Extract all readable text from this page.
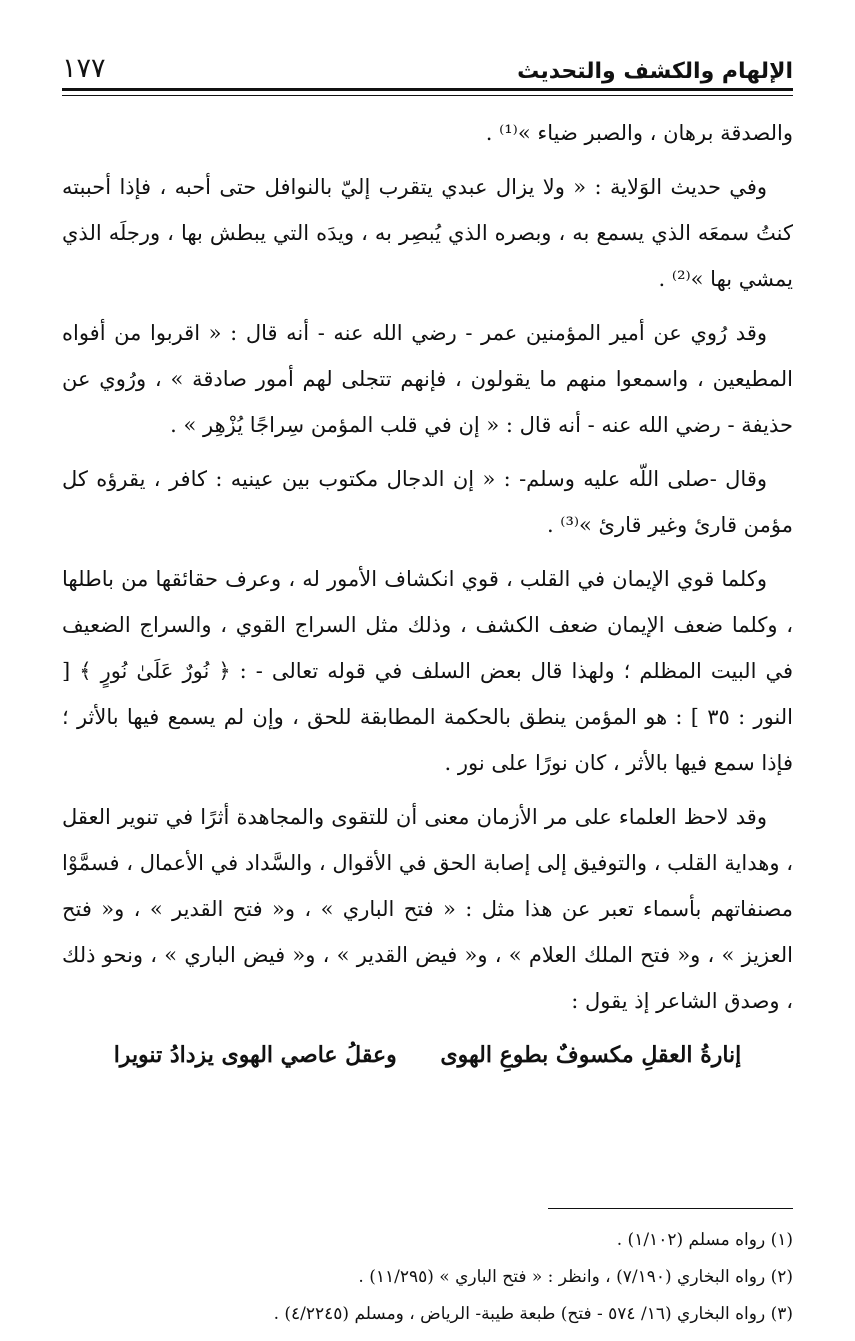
١٧٧	الإلهام والكشف والتحديث

والصدقة برهان ، والصبر ضياء »⁽¹⁾ .

وفي حديث الوَلاية : « ولا يزال عبدي يتقرب إليّ بالنوافل حتى أحبه ، فإذا أحببته كنتُ سمعَه الذي يسمع به ، وبصره الذي يُبصِر به ، ويدَه التي يبطش بها ، ورجلَه الذي يمشي بها »⁽²⁾ .

وقد رُوي عن أمير المؤمنين عمر - رضي الله عنه - أنه قال : « اقربوا من أفواه المطيعين ، واسمعوا منهم ما يقولون ، فإنهم تتجلى لهم أمور صادقة » ، ورُوي عن حذيفة - رضي الله عنه - أنه قال : « إن في قلب المؤمن سِراجًا يُزْهِر » .

وقال -صلى اللّه عليه وسلم- : « إن الدجال مكتوب بين عينيه : كافر ، يقرؤه كل مؤمن قارئ وغير قارئ »⁽³⁾ .

وكلما قوي الإيمان في القلب ، قوي انكشاف الأمور له ، وعرف حقائقها من باطلها ، وكلما ضعف الإيمان ضعف الكشف ، وذلك مثل السراج القوي ، والسراج الضعيف في البيت المظلم ؛ ولهذا قال بعض السلف في قوله تعالى - : ﴿ نُورٌ عَلَىٰ نُورٍ ﴾ [ النور : ٣٥ ] : هو المؤمن ينطق بالحكمة المطابقة للحق ، وإن لم يسمع فيها بالأثر ؛ فإذا سمع فيها بالأثر ، كان نورًا على نور .

وقد لاحظ العلماء على مر الأزمان معنى أن للتقوى والمجاهدة أثرًا في تنوير العقل ، وهداية القلب ، والتوفيق إلى إصابة الحق في الأقوال ، والسَّداد في الأعمال ، فسمَّوْا مصنفاتهم بأسماء تعبر عن هذا مثل : « فتح الباري » ، و« فتح القدير » ، و« فتح العزيز » ، و« فتح الملك العلام » ، و« فيض القدير » ، و« فيض الباري » ، ونحو ذلك ، وصدق الشاعر إذ يقول :

إنارةُ العقلِ مكسوفٌ بطوعِ الهوى وعقلُ عاصي الهوى يزدادُ تنويرا
(١) رواه مسلم (١/١٠٢) .
(٢) رواه البخاري (٧/١٩٠) ، وانظر : « فتح الباري » (١١/٢٩٥) .
(٣) رواه البخاري (١٦/ ٥٧٤ - فتح) طبعة طيبة- الرياض ، ومسلم (٤/٢٢٤٥) .
